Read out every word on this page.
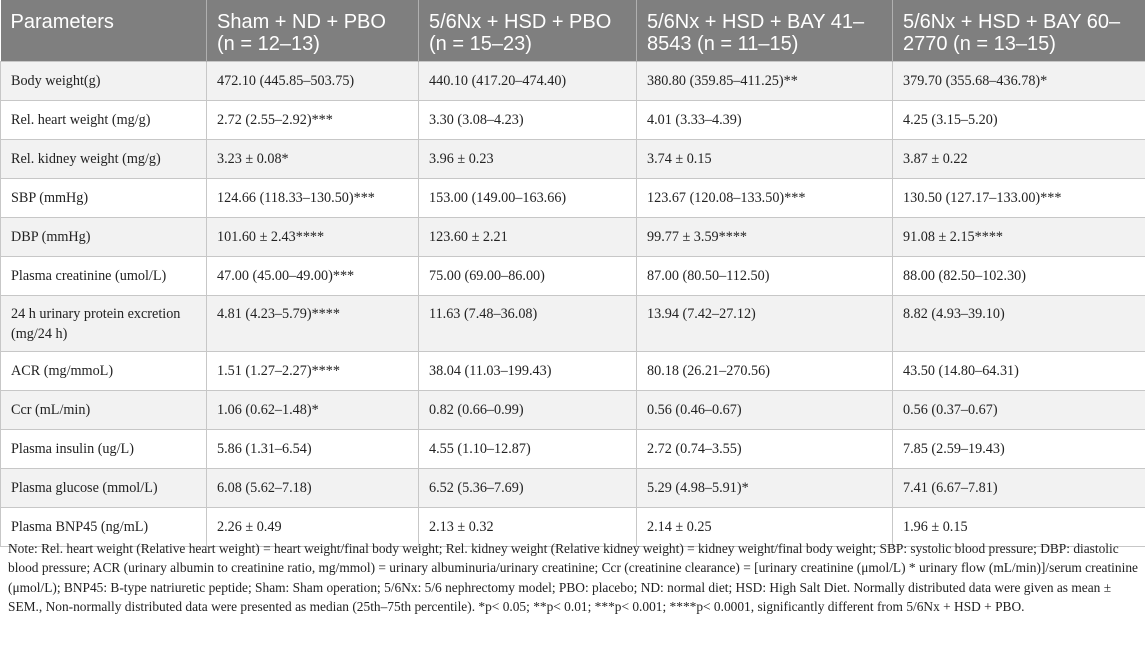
Parameters	Sham + ND + PBO (n = 12–13)	5/6Nx + HSD + PBO (n = 15–23)	5/6Nx + HSD + BAY 41–8543 (n = 11–15)	5/6Nx + HSD + BAY 60–2770 (n = 13–15)
Body weight(g)	472.10 (445.85–503.75)	440.10 (417.20–474.40)	380.80 (359.85–411.25)**	379.70 (355.68–436.78)*
Rel. heart weight (mg/g)	2.72 (2.55–2.92)***	3.30 (3.08–4.23)	4.01 (3.33–4.39)	4.25 (3.15–5.20)
Rel. kidney weight (mg/g)	3.23 ± 0.08*	3.96 ± 0.23	3.74 ± 0.15	3.87 ± 0.22
SBP (mmHg)	124.66 (118.33–130.50)***	153.00 (149.00–163.66)	123.67 (120.08–133.50)***	130.50 (127.17–133.00)***
DBP (mmHg)	101.60 ± 2.43****	123.60 ± 2.21	99.77 ± 3.59****	91.08 ± 2.15****
Plasma creatinine (umol/L)	47.00 (45.00–49.00)***	75.00 (69.00–86.00)	87.00 (80.50–112.50)	88.00 (82.50–102.30)
24 h urinary protein excretion (mg/24 h)	4.81 (4.23–5.79)****	11.63 (7.48–36.08)	13.94 (7.42–27.12)	8.82 (4.93–39.10)
ACR (mg/mmoL)	1.51 (1.27–2.27)****	38.04 (11.03–199.43)	80.18 (26.21–270.56)	43.50 (14.80–64.31)
Ccr (mL/min)	1.06 (0.62–1.48)*	0.82 (0.66–0.99)	0.56 (0.46–0.67)	0.56 (0.37–0.67)
Plasma insulin (ug/L)	5.86 (1.31–6.54)	4.55 (1.10–12.87)	2.72 (0.74–3.55)	7.85 (2.59–19.43)
Plasma glucose (mmol/L)	6.08 (5.62–7.18)	6.52 (5.36–7.69)	5.29 (4.98–5.91)*	7.41 (6.67–7.81)
Plasma BNP45 (ng/mL)	2.26 ± 0.49	2.13 ± 0.32	2.14 ± 0.25	1.96 ± 0.15

Note: Rel. heart weight (Relative heart weight) = heart weight/final body weight; Rel. kidney weight (Relative kidney weight) = kidney weight/final body weight; SBP: systolic blood pressure; DBP: diastolic blood pressure; ACR (urinary albumin to creatinine ratio, mg/mmol) = urinary albuminuria/urinary creatinine; Ccr (creatinine clearance) = [urinary creatinine (μmol/L) * urinary flow (mL/min)]/serum creatinine (μmol/L); BNP45: B-type natriuretic peptide; Sham: Sham operation; 5/6Nx: 5/6 nephrectomy model; PBO: placebo; ND: normal diet; HSD: High Salt Diet. Normally distributed data were given as mean ± SEM., Non-normally distributed data were presented as median (25th–75th percentile). *p< 0.05; **p< 0.01; ***p< 0.001; ****p< 0.0001, significantly different from 5/6Nx + HSD + PBO.
